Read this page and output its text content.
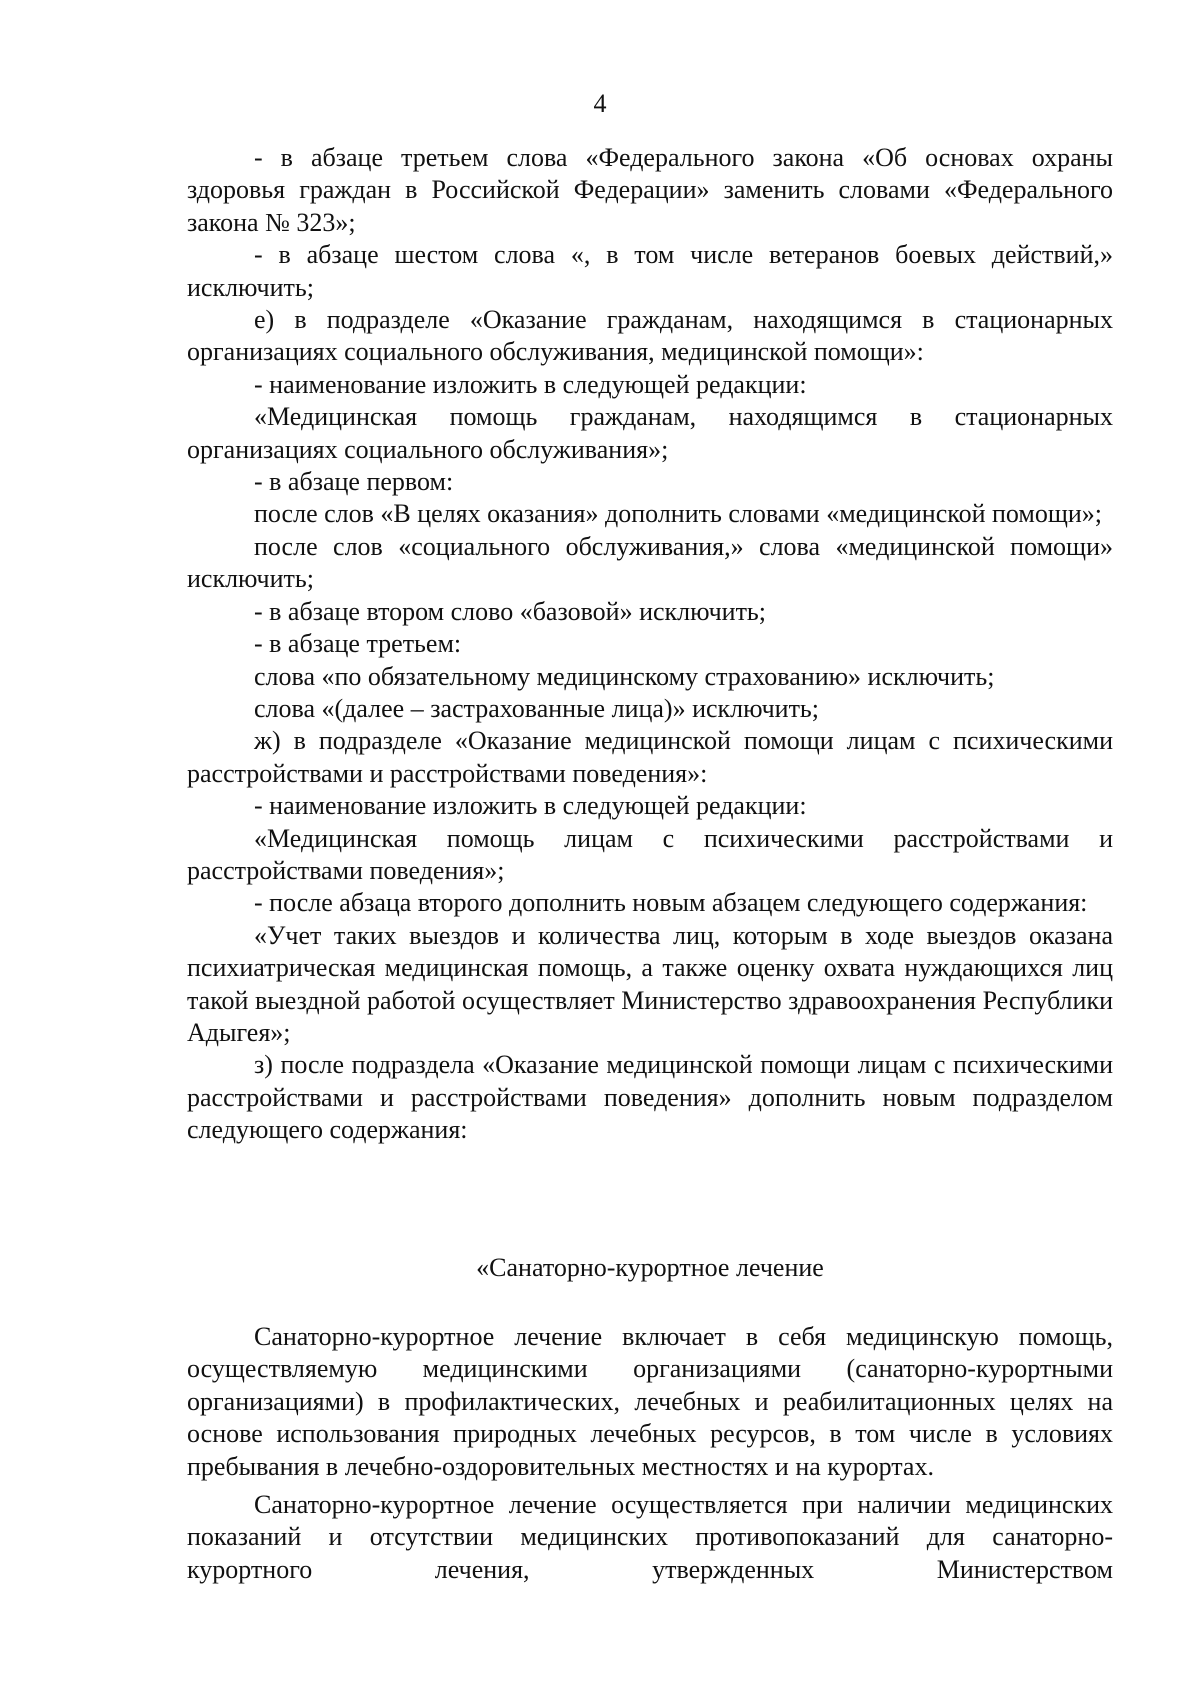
4

- в абзаце третьем слова «Федерального закона «Об основах охраны здоровья граждан в Российской Федерации» заменить словами «Федерального закона № 323»;

- в абзаце шестом слова «, в том числе ветеранов боевых действий,» исключить;

е) в подразделе «Оказание гражданам, находящимся в стационарных организациях социального обслуживания, медицинской помощи»:

- наименование изложить в следующей редакции:

«Медицинская помощь гражданам, находящимся в стационарных организациях социального обслуживания»;

- в абзаце первом:

после слов «В целях оказания» дополнить словами «медицинской помощи»;

после слов «социального обслуживания,» слова «медицинской помощи» исключить;

- в абзаце втором слово «базовой» исключить;

- в абзаце третьем:

слова «по обязательному медицинскому страхованию» исключить;

слова «(далее – застрахованные лица)» исключить;

ж) в подразделе «Оказание медицинской помощи лицам с психическими расстройствами и расстройствами поведения»:

- наименование изложить в следующей редакции:

«Медицинская помощь лицам с психическими расстройствами и расстройствами поведения»;

- после абзаца второго дополнить новым абзацем следующего содержания:

«Учет таких выездов и количества лиц, которым в ходе выездов оказана психиатрическая медицинская помощь, а также оценку охвата нуждающихся лиц такой выездной работой осуществляет Министерство здравоохранения Республики Адыгея»;

з) после подраздела «Оказание медицинской помощи лицам с психическими расстройствами и расстройствами поведения» дополнить новым подразделом следующего содержания:

«Санаторно-курортное лечение

Санаторно-курортное лечение включает в себя медицинскую помощь, осуществляемую медицинскими организациями (санаторно-курортными организациями) в профилактических, лечебных и реабилитационных целях на основе использования природных лечебных ресурсов, в том числе в условиях пребывания в лечебно-оздоровительных местностях и на курортах.

Санаторно-курортное лечение осуществляется при наличии медицинских показаний и отсутствии медицинских противопоказаний для санаторно-курортного лечения, утвержденных Министерством
